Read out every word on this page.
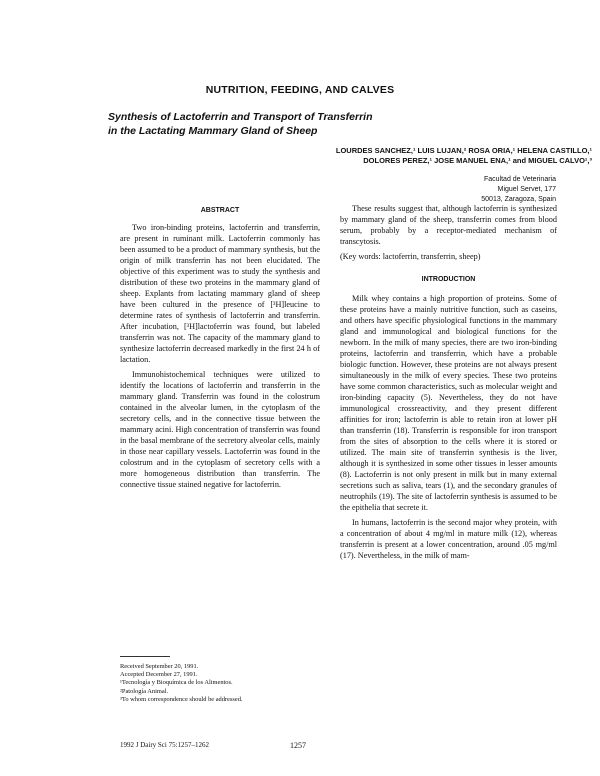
NUTRITION, FEEDING, AND CALVES
Synthesis of Lactoferrin and Transport of Transferrin
in the Lactating Mammary Gland of Sheep
LOURDES SANCHEZ,¹ LUIS LUJAN,² ROSA ORIA,¹ HELENA CASTILLO,¹
DOLORES PEREZ,¹ JOSE MANUEL ENA,¹ and MIGUEL CALVO¹,³
Facultad de Veterinaria
Miguel Servet, 177
50013, Zaragoza, Spain
ABSTRACT

Two iron-binding proteins, lactoferrin and transferrin, are present in ruminant milk. Lactoferrin commonly has been assumed to be a product of mammary synthesis, but the origin of milk transferrin has not been elucidated. The objective of this experiment was to study the synthesis and distribution of these two proteins in the mammary gland of sheep. Explants from lactating mammary gland of sheep have been cultured in the presence of [³H]leucine to determine rates of synthesis of lactoferrin and transferrin. After incubation, [³H]lactoferrin was found, but labeled transferrin was not. The capacity of the mammary gland to synthesize lactoferrin decreased markedly in the first 24 h of lactation.

Immunohistochemical techniques were utilized to identify the locations of lactoferrin and transferrin in the mammary gland. Transferrin was found in the colostrum contained in the alveolar lumen, in the cytoplasm of the secretory cells, and in the connective tissue between the mammary acini. High concentration of transferrin was found in the basal membrane of the secretory alveolar cells, mainly in those near capillary vessels. Lactoferrin was found in the colostrum and in the cytoplasm of secretory cells with a more homogeneous distribution than transferrin. The connective tissue stained negative for lactoferrin.

These results suggest that, although lactoferrin is synthesized by mammary gland of the sheep, transferrin comes from blood serum, probably by a receptor-mediated mechanism of transcytosis.

(Key words: lactoferrin, transferrin, sheep)

INTRODUCTION

Milk whey contains a high proportion of proteins. Some of these proteins have a mainly nutritive function, such as caseins, and others have specific physiological functions in the mammary gland and immunological and biological functions for the newborn. In the milk of many species, there are two iron-binding proteins, lactoferrin and transferrin, which have a probable biologic function. However, these proteins are not always present simultaneously in the milk of every species. These two proteins have some common characteristics, such as molecular weight and iron-binding capacity (5). Nevertheless, they do not have immunological crossreactivity, and they present different affinities for iron; lactoferrin is able to retain iron at lower pH than transferrin (18). Transferrin is responsible for iron transport from the sites of absorption to the cells where it is stored or utilized. The main site of transferrin synthesis is the liver, although it is synthesized in some other tissues in lesser amounts (8). Lactoferrin is not only present in milk but in many external secretions such as saliva, tears (1), and the secondary granules of neutrophils (19). The site of lactoferrin synthesis is assumed to be the epithelia that secrete it.

In humans, lactoferrin is the second major whey protein, with a concentration of about 4 mg/ml in mature milk (12), whereas transferrin is present at a lower concentration, around .05 mg/ml (17). Nevertheless, in the milk of mam-

Received September 20, 1991.
Accepted December 27, 1991.
¹Tecnología y Bioquímica de los Alimentos.
²Patología Animal.
³To whom correspondence should be addressed.
1992 J Dairy Sci 75:1257–1262	1257
